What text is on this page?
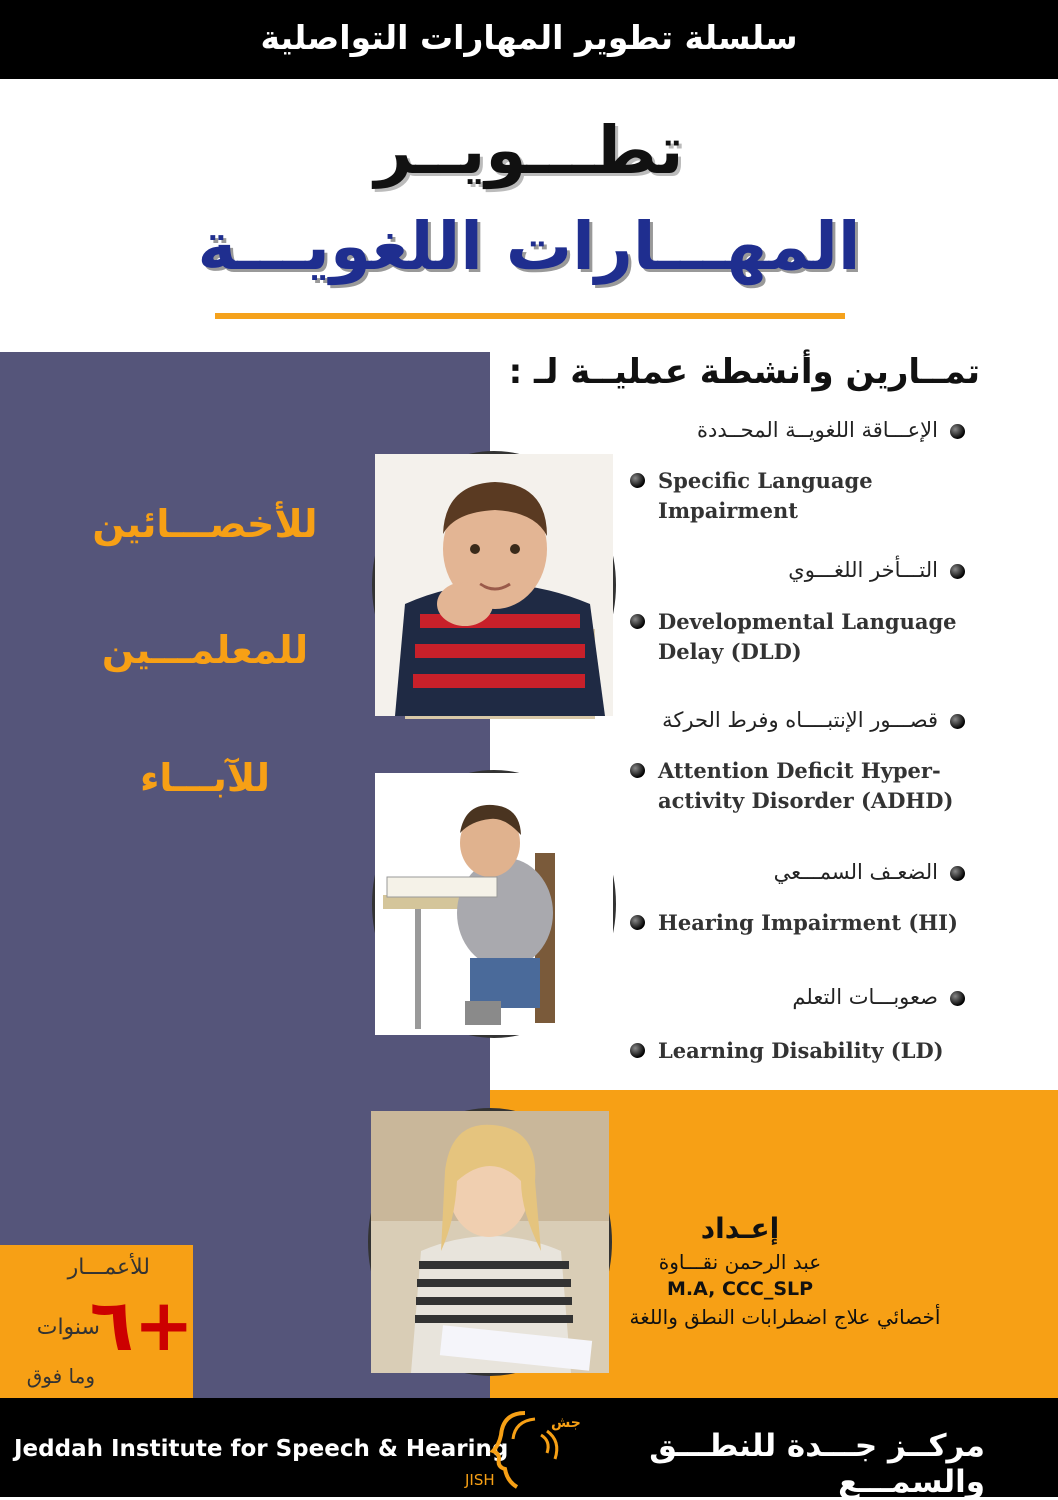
سلسلة تطوير المهارات التواصلية
تطـــويــر
المهـــارات اللغويـــة
تمــارين وأنشطة عمليــة لـ :
الإعـــاقة اللغويــة المحــددة
Specific Language Impairment
التـــأخر اللغـــوي
Developmental Language Delay (DLD)
قصـــور الإنتبــــاه وفرط الحركة
Attention Deficit Hyper-activity Disorder (ADHD)
الضعـف السمـــعي
Hearing Impairment (HI)
صعوبـــات التعلم
Learning Disability (LD)
للأخصـــائين
للمعلمـــين
للآبـــاء
للأعمـــار
+٦
سنوات
وما فوق
إعـداد
عبد الرحمن نقـــاوة
M.A, CCC_SLP
أخصائي علاج اضطرابات النطق واللغة
Jeddah Institute for Speech & Hearing
جش
JISH
مركــز جـــدة للنطـــق والسمـــع
